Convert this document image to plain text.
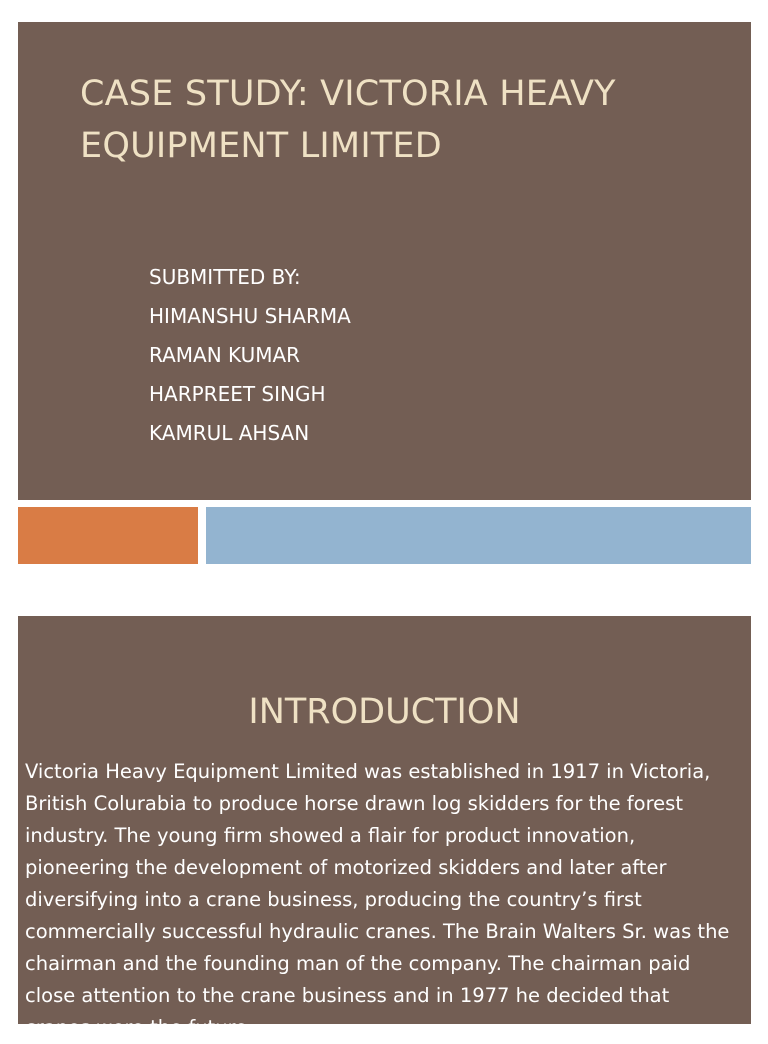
CASE STUDY: VICTORIA HEAVY EQUIPMENT LIMITED
SUBMITTED BY:
HIMANSHU SHARMA
RAMAN KUMAR
HARPREET SINGH
KAMRUL AHSAN
INTRODUCTION

Victoria Heavy Equipment Limited was established in 1917 in Victoria, British Colurabia to produce horse drawn log skidders for the forest industry. The young firm showed a flair for product innovation, pioneering the development of motorized skidders and later after diversifying into a crane business, producing the country’s first commercially successful hydraulic cranes. The Brain Walters Sr. was the chairman and the founding man of the company. The chairman paid close attention to the crane business and in 1977 he decided that cranes were the future
